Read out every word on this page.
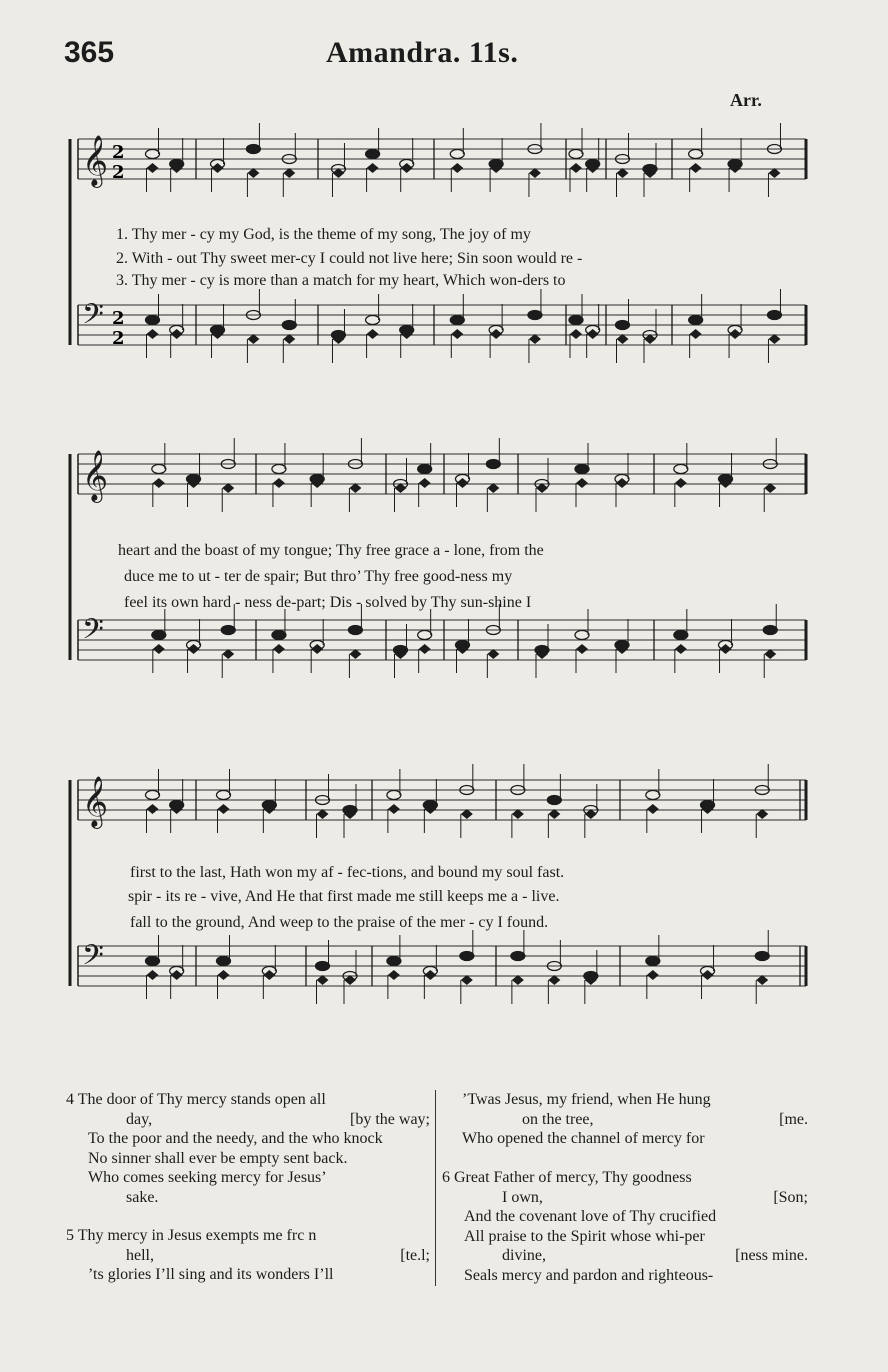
365	Amandra. 11s.
Arr.
𝄞 2
2
𝄢 2
2
1. Thy mer - cy my God, is the theme of my song, The joy of my
2. With - out Thy sweet mer-cy I could not live here; Sin soon would re -
3. Thy mer - cy is more than a match for my heart, Which won-ders to
𝄞
𝄢
heart and the boast of my tongue; Thy free grace a - lone, from the
duce me to ut - ter de spair; But thro’ Thy free good-ness my
feel its own hard - ness de-part; Dis - solved by Thy sun-shine I
𝄞
𝄢
first to the last, Hath won my af - fec-tions, and bound my soul fast.
spir - its re - vive, And He that first made me still keeps me a - live.
fall to the ground, And weep to the praise of the mer - cy I found.
4 The door of Thy mercy stands open all
day,	[by the way;
To the poor and the needy, and the who knock
No sinner shall ever be empty sent back.
Who comes seeking mercy for Jesus’
sake.
5 Thy mercy in Jesus exempts me frc n
hell,	[te.l;
’ts glories I’ll sing and its wonders I’ll
’Twas Jesus, my friend, when He hung
on the tree,	[me.
Who opened the channel of mercy for
6 Great Father of mercy, Thy goodness
I own,	[Son;
And the covenant love of Thy crucified
All praise to the Spirit whose whi-per
divine,	[ness mine.
Seals mercy and pardon and righteous-
